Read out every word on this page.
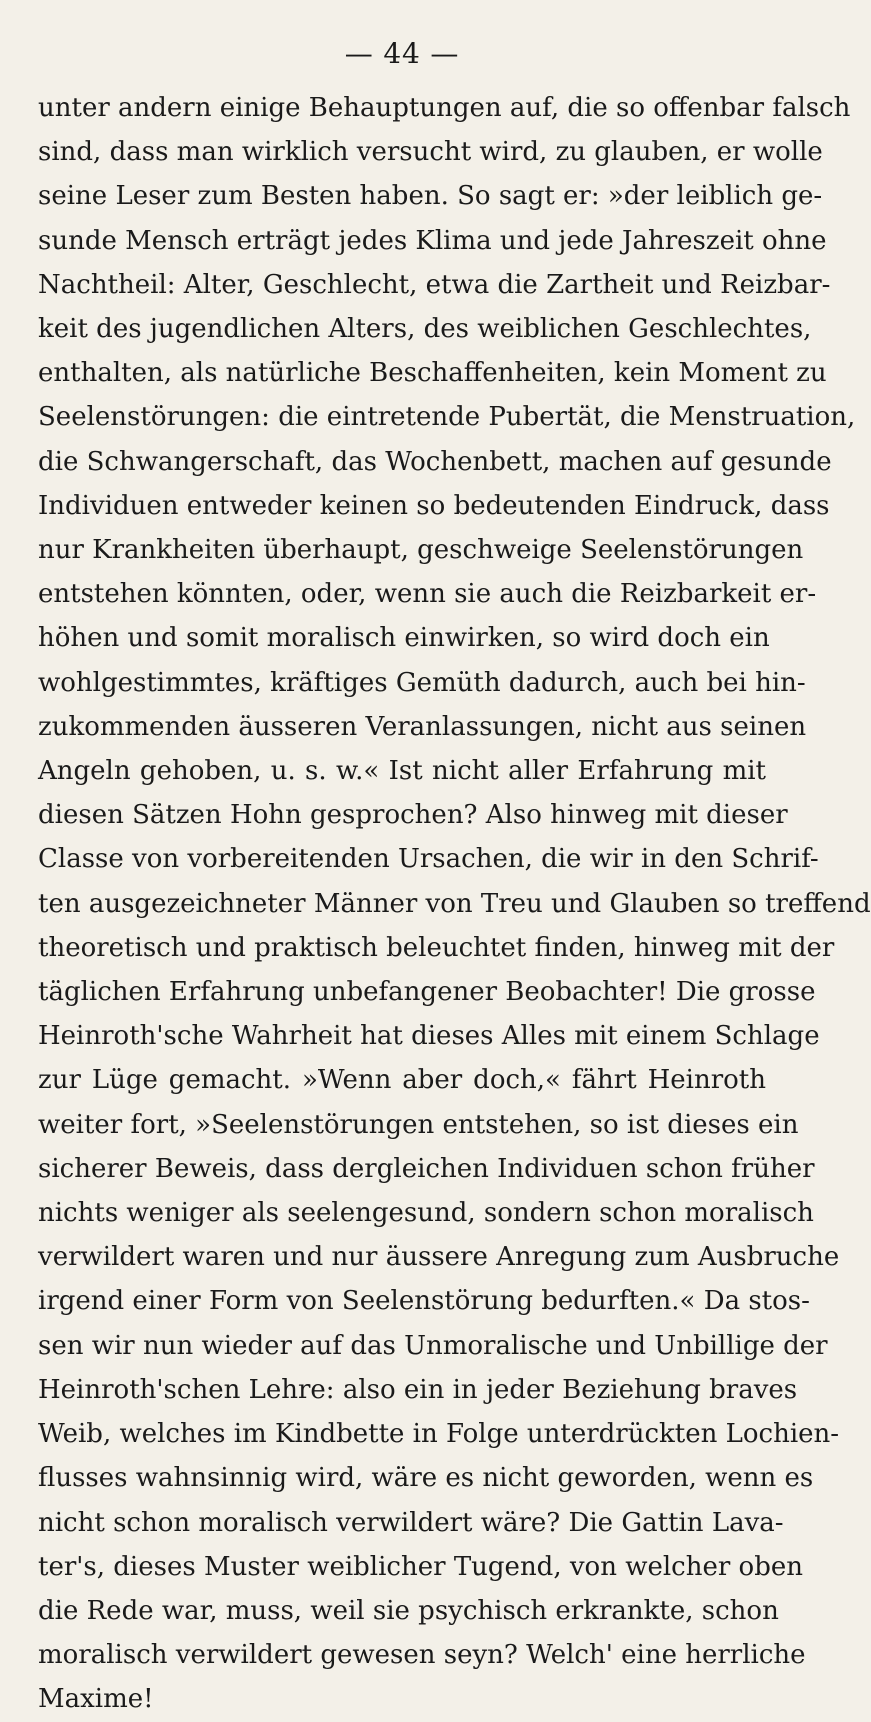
— 44 —
unter andern einige Behauptungen auf, die so offenbar falsch
sind, dass man wirklich versucht wird, zu glauben, er wolle
seine Leser zum Besten haben. So sagt er: »der leiblich ge-
sunde Mensch erträgt jedes Klima und jede Jahreszeit ohne
Nachtheil: Alter, Geschlecht, etwa die Zartheit und Reizbar-
keit des jugendlichen Alters, des weiblichen Geschlechtes,
enthalten, als natürliche Beschaffenheiten, kein Moment zu
Seelenstörungen: die eintretende Pubertät, die Menstruation,
die Schwangerschaft, das Wochenbett, machen auf gesunde
Individuen entweder keinen so bedeutenden Eindruck, dass
nur Krankheiten überhaupt, geschweige Seelenstörungen
entstehen könnten, oder, wenn sie auch die Reizbarkeit er-
höhen und somit moralisch einwirken, so wird doch ein
wohlgestimmtes, kräftiges Gemüth dadurch, auch bei hin-
zukommenden äusseren Veranlassungen, nicht aus seinen
Angeln gehoben, u. s. w.« Ist nicht aller Erfahrung mit
diesen Sätzen Hohn gesprochen? Also hinweg mit dieser
Classe von vorbereitenden Ursachen, die wir in den Schrif-
ten ausgezeichneter Männer von Treu und Glauben so treffend
theoretisch und praktisch beleuchtet finden, hinweg mit der
täglichen Erfahrung unbefangener Beobachter! Die grosse
Heinroth'sche Wahrheit hat dieses Alles mit einem Schlage
zur Lüge gemacht. »Wenn aber doch,« fährt Heinroth
weiter fort, »Seelenstörungen entstehen, so ist dieses ein
sicherer Beweis, dass dergleichen Individuen schon früher
nichts weniger als seelengesund, sondern schon moralisch
verwildert waren und nur äussere Anregung zum Ausbruche
irgend einer Form von Seelenstörung bedurften.« Da stos-
sen wir nun wieder auf das Unmoralische und Unbillige der
Heinroth'schen Lehre: also ein in jeder Beziehung braves
Weib, welches im Kindbette in Folge unterdrückten Lochien-
flusses wahnsinnig wird, wäre es nicht geworden, wenn es
nicht schon moralisch verwildert wäre? Die Gattin Lava-
ter's, dieses Muster weiblicher Tugend, von welcher oben
die Rede war, muss, weil sie psychisch erkrankte, schon
moralisch verwildert gewesen seyn? Welch' eine herrliche
Maxime!
